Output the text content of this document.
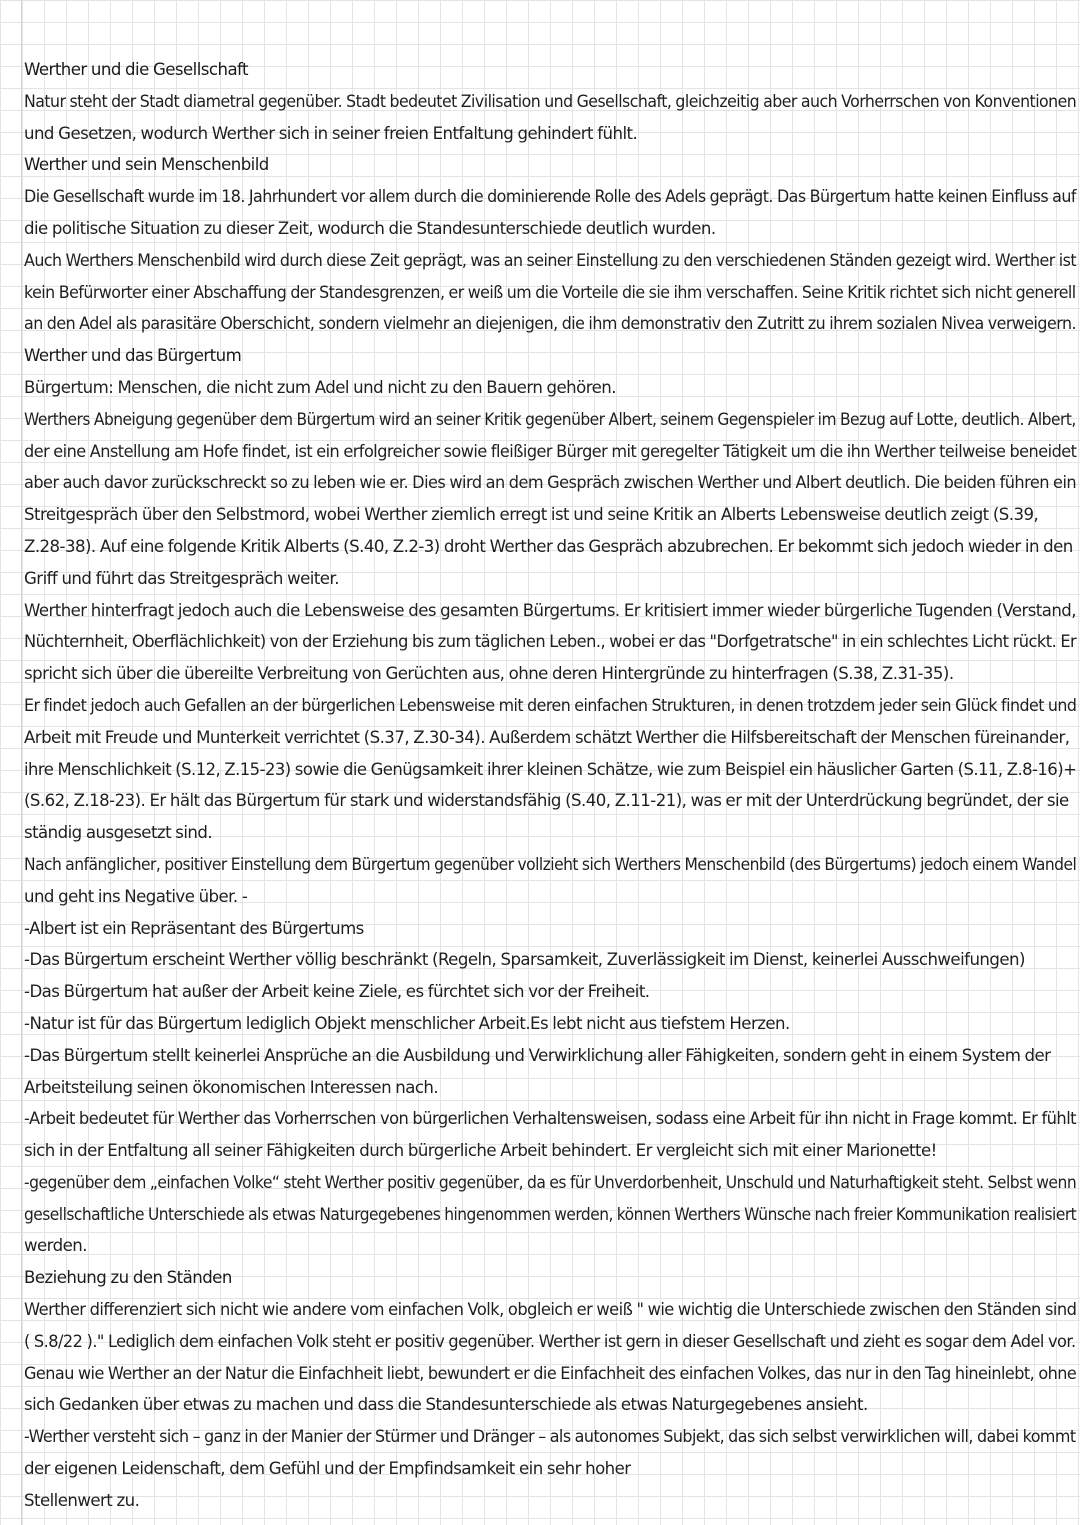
Werther und die Gesellschaft
Natur steht der Stadt diametral gegenüber. Stadt bedeutet Zivilisation und Gesellschaft, gleichzeitig aber auch Vorherrschen von Konventionen
und Gesetzen, wodurch Werther sich in seiner freien Entfaltung gehindert fühlt.
Werther und sein Menschenbild
Die Gesellschaft wurde im 18. Jahrhundert vor allem durch die dominierende Rolle des Adels geprägt. Das Bürgertum hatte keinen Einfluss auf
die politische Situation zu dieser Zeit, wodurch die Standesunterschiede deutlich wurden.
Auch Werthers Menschenbild wird durch diese Zeit geprägt, was an seiner Einstellung zu den verschiedenen Ständen gezeigt wird. Werther ist
kein Befürworter einer Abschaffung der Standesgrenzen, er weiß um die Vorteile die sie ihm verschaffen. Seine Kritik richtet sich nicht generell
an den Adel als parasitäre Oberschicht, sondern vielmehr an diejenigen, die ihm demonstrativ den Zutritt zu ihrem sozialen Nivea verweigern.
Werther und das Bürgertum
Bürgertum: Menschen, die nicht zum Adel und nicht zu den Bauern gehören.
Werthers Abneigung gegenüber dem Bürgertum wird an seiner Kritik gegenüber Albert, seinem Gegenspieler im Bezug auf Lotte, deutlich. Albert,
der eine Anstellung am Hofe findet, ist ein erfolgreicher sowie fleißiger Bürger mit geregelter Tätigkeit um die ihn Werther teilweise beneidet
aber auch davor zurückschreckt so zu leben wie er. Dies wird an dem Gespräch zwischen Werther und Albert deutlich. Die beiden führen ein
Streitgespräch über den Selbstmord, wobei Werther ziemlich erregt ist und seine Kritik an Alberts Lebensweise deutlich zeigt (S.39,
Z.28-38). Auf eine folgende Kritik Alberts (S.40, Z.2-3) droht Werther das Gespräch abzubrechen. Er bekommt sich jedoch wieder in den
Griff und führt das Streitgespräch weiter.
Werther hinterfragt jedoch auch die Lebensweise des gesamten Bürgertums. Er kritisiert immer wieder bürgerliche Tugenden (Verstand,
Nüchternheit, Oberflächlichkeit) von der Erziehung bis zum täglichen Leben., wobei er das "Dorfgetratsche" in ein schlechtes Licht rückt. Er
spricht sich über die übereilte Verbreitung von Gerüchten aus, ohne deren Hintergründe zu hinterfragen (S.38, Z.31-35).
Er findet jedoch auch Gefallen an der bürgerlichen Lebensweise mit deren einfachen Strukturen, in denen trotzdem jeder sein Glück findet und
Arbeit mit Freude und Munterkeit verrichtet (S.37, Z.30-34). Außerdem schätzt Werther die Hilfsbereitschaft der Menschen füreinander,
ihre Menschlichkeit (S.12, Z.15-23) sowie die Genügsamkeit ihrer kleinen Schätze, wie zum Beispiel ein häuslicher Garten (S.11, Z.8-16)+
(S.62, Z.18-23). Er hält das Bürgertum für stark und widerstandsfähig (S.40, Z.11-21), was er mit der Unterdrückung begründet, der sie
ständig ausgesetzt sind.
Nach anfänglicher, positiver Einstellung dem Bürgertum gegenüber vollzieht sich Werthers Menschenbild (des Bürgertums) jedoch einem Wandel
und geht ins Negative über. -
-Albert ist ein Repräsentant des Bürgertums
-Das Bürgertum erscheint Werther völlig beschränkt (Regeln, Sparsamkeit, Zuverlässigkeit im Dienst, keinerlei Ausschweifungen)
-Das Bürgertum hat außer der Arbeit keine Ziele, es fürchtet sich vor der Freiheit.
-Natur ist für das Bürgertum lediglich Objekt menschlicher Arbeit.Es lebt nicht aus tiefstem Herzen.
-Das Bürgertum stellt keinerlei Ansprüche an die Ausbildung und Verwirklichung aller Fähigkeiten, sondern geht in einem System der
Arbeitsteilung seinen ökonomischen Interessen nach.
-Arbeit bedeutet für Werther das Vorherrschen von bürgerlichen Verhaltensweisen, sodass eine Arbeit für ihn nicht in Frage kommt. Er fühlt
sich in der Entfaltung all seiner Fähigkeiten durch bürgerliche Arbeit behindert. Er vergleicht sich mit einer Marionette!
-gegenüber dem „einfachen Volke“ steht Werther positiv gegenüber, da es für Unverdorbenheit, Unschuld und Naturhaftigkeit steht. Selbst wenn
gesellschaftliche Unterschiede als etwas Naturgegebenes hingenommen werden, können Werthers Wünsche nach freier Kommunikation realisiert
werden.
Beziehung zu den Ständen
Werther differenziert sich nicht wie andere vom einfachen Volk, obgleich er weiß " wie wichtig die Unterschiede zwischen den Ständen sind
( S.8/22 )." Lediglich dem einfachen Volk steht er positiv gegenüber. Werther ist gern in dieser Gesellschaft und zieht es sogar dem Adel vor.
Genau wie Werther an der Natur die Einfachheit liebt, bewundert er die Einfachheit des einfachen Volkes, das nur in den Tag hineinlebt, ohne
sich Gedanken über etwas zu machen und dass die Standesunterschiede als etwas Naturgegebenes ansieht.
-Werther versteht sich – ganz in der Manier der Stürmer und Dränger – als autonomes Subjekt, das sich selbst verwirklichen will, dabei kommt
der eigenen Leidenschaft, dem Gefühl und der Empfindsamkeit ein sehr hoher
Stellenwert zu.
